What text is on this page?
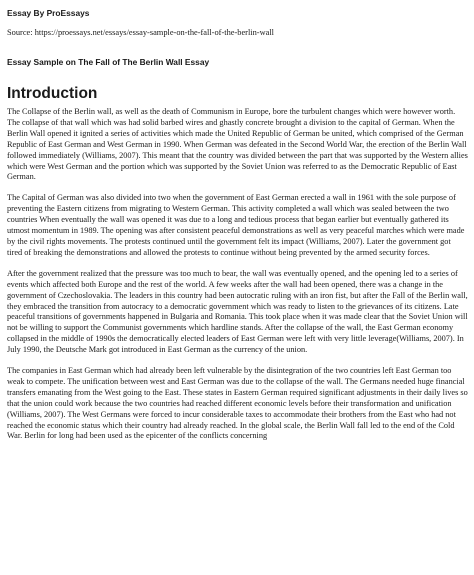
Essay By ProEssays

Source: https://proessays.net/essays/essay-sample-on-the-fall-of-the-berlin-wall

Essay Sample on The Fall of The Berlin Wall Essay

Introduction

The Collapse of the Berlin wall, as well as the death of Communism in Europe, bore the turbulent changes which were however worth. The collapse of that wall which was had solid barbed wires and ghastly concrete brought a division to the capital of German. When the Berlin Wall opened it ignited a series of activities which made the United Republic of German be united, which comprised of the German Republic of East German and West German in 1990. When German was defeated in the Second World War, the erection of the Berlin Wall followed immediately (Williams, 2007). This meant that the country was divided between the part that was supported by the Western allies which were West German and the portion which was supported by the Soviet Union was referred to as the Democratic Republic of East German.

The Capital of German was also divided into two when the government of East German erected a wall in 1961 with the sole purpose of preventing the Eastern citizens from migrating to Western German. This activity completed a wall which was sealed between the two countries When eventually the wall was opened it was due to a long and tedious process that began earlier but eventually gathered its utmost momentum in 1989. The opening was after consistent peaceful demonstrations as well as very peaceful marches which were made by the civil rights movements. The protests continued until the government felt its impact (Williams, 2007). Later the government got tired of breaking the demonstrations and allowed the protests to continue without being prevented by the armed security forces.

After the government realized that the pressure was too much to bear, the wall was eventually opened, and the opening led to a series of events which affected both Europe and the rest of the world. A few weeks after the wall had been opened, there was a change in the government of Czechoslovakia. The leaders in this country had been autocratic ruling with an iron fist, but after the Fall of the Berlin wall, they embraced the transition from autocracy to a democratic government which was ready to listen to the grievances of its citizens. Late peaceful transitions of governments happened in Bulgaria and Romania. This took place when it was made clear that the Soviet Union will not be willing to support the Communist governments which hardline stands. After the collapse of the wall, the East German economy collapsed in the middle of 1990s the democratically elected leaders of East German were left with very little leverage(Williams, 2007). In July 1990, the Deutsche Mark got introduced in East German as the currency of the union.

The companies in East German which had already been left vulnerable by the disintegration of the two countries left East German too weak to compete. The unification between west and East German was due to the collapse of the wall. The Germans needed huge financial transfers emanating from the West going to the East. These states in Eastern German required significant adjustments in their daily lives so that the union could work because the two countries had reached different economic levels before their transformation and unification (Williams, 2007). The West Germans were forced to incur considerable taxes to accommodate their brothers from the East who had not reached the economic status which their country had already reached. In the global scale, the Berlin Wall fall led to the end of the Cold War. Berlin for long had been used as the epicenter of the conflicts concerning
